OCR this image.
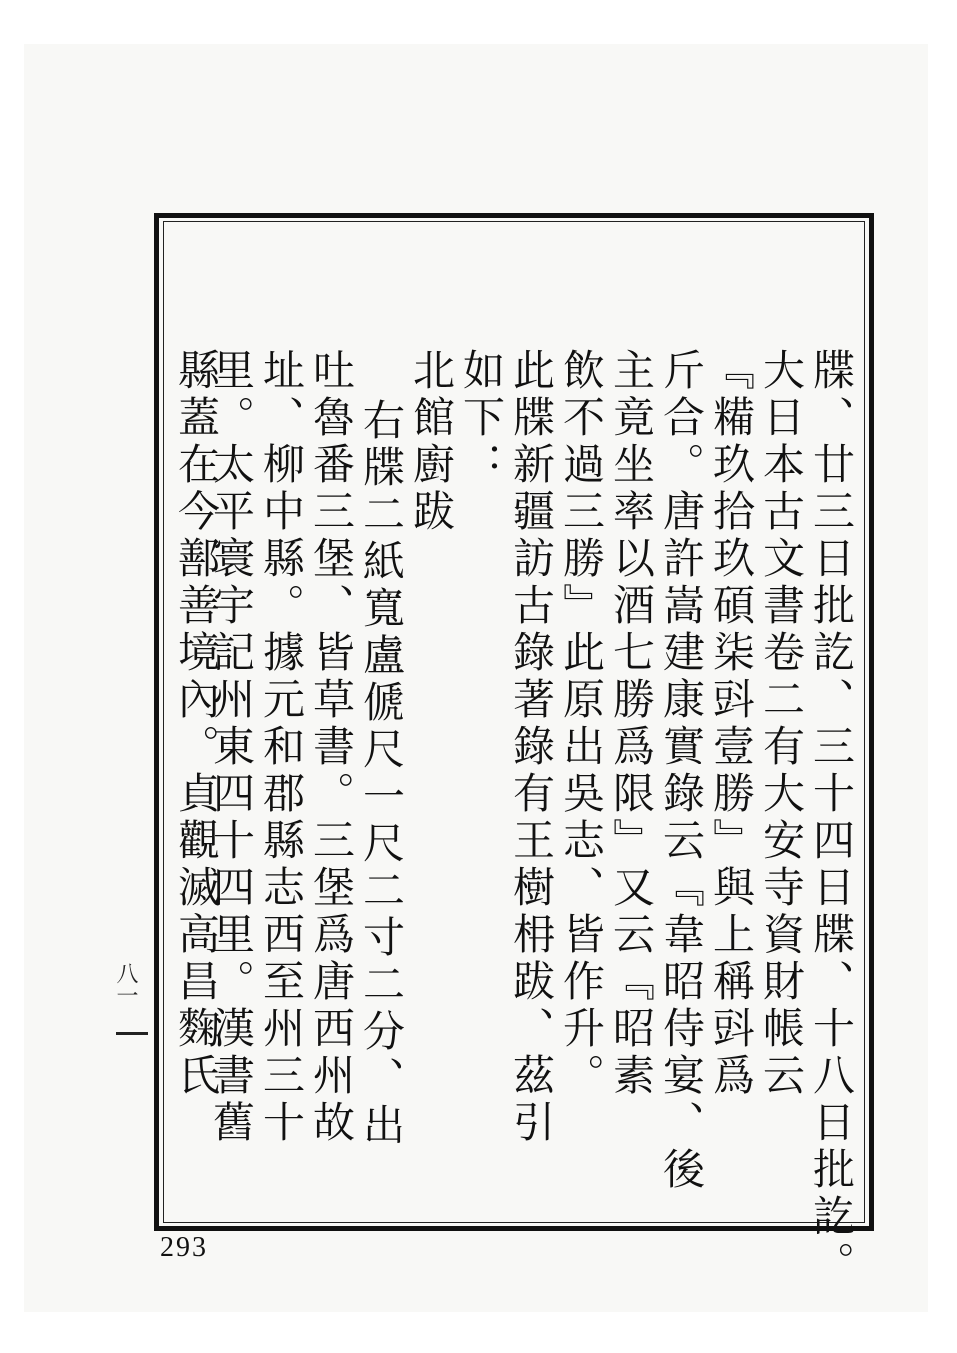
牒、廿三日批訖、三十四日牒、十八日批訖。
大日本古文書卷二有大安寺資財帳云
『糒玖拾玖碩柒㪷壹勝』與上稱㪷爲
斤合。唐許嵩建康實錄云『韋昭侍宴、後
主竟坐率以酒七勝爲限』又云『昭素
飲不過三勝』此原出吳志、皆作升。
此牒新疆訪古錄著錄有王樹枏跋、茲引
如下：
北館廚跋
右牒二紙寬盧傂尺一尺二寸二分、出
吐魯番三堡、皆草書。三堡爲唐西州故
址、柳中縣。據元和郡縣志西至州三十
里。太平寰宇記州東四十四里。漢書舊
縣蓋在今鄯善境內。貞觀滅高昌麴氏
八一
293
